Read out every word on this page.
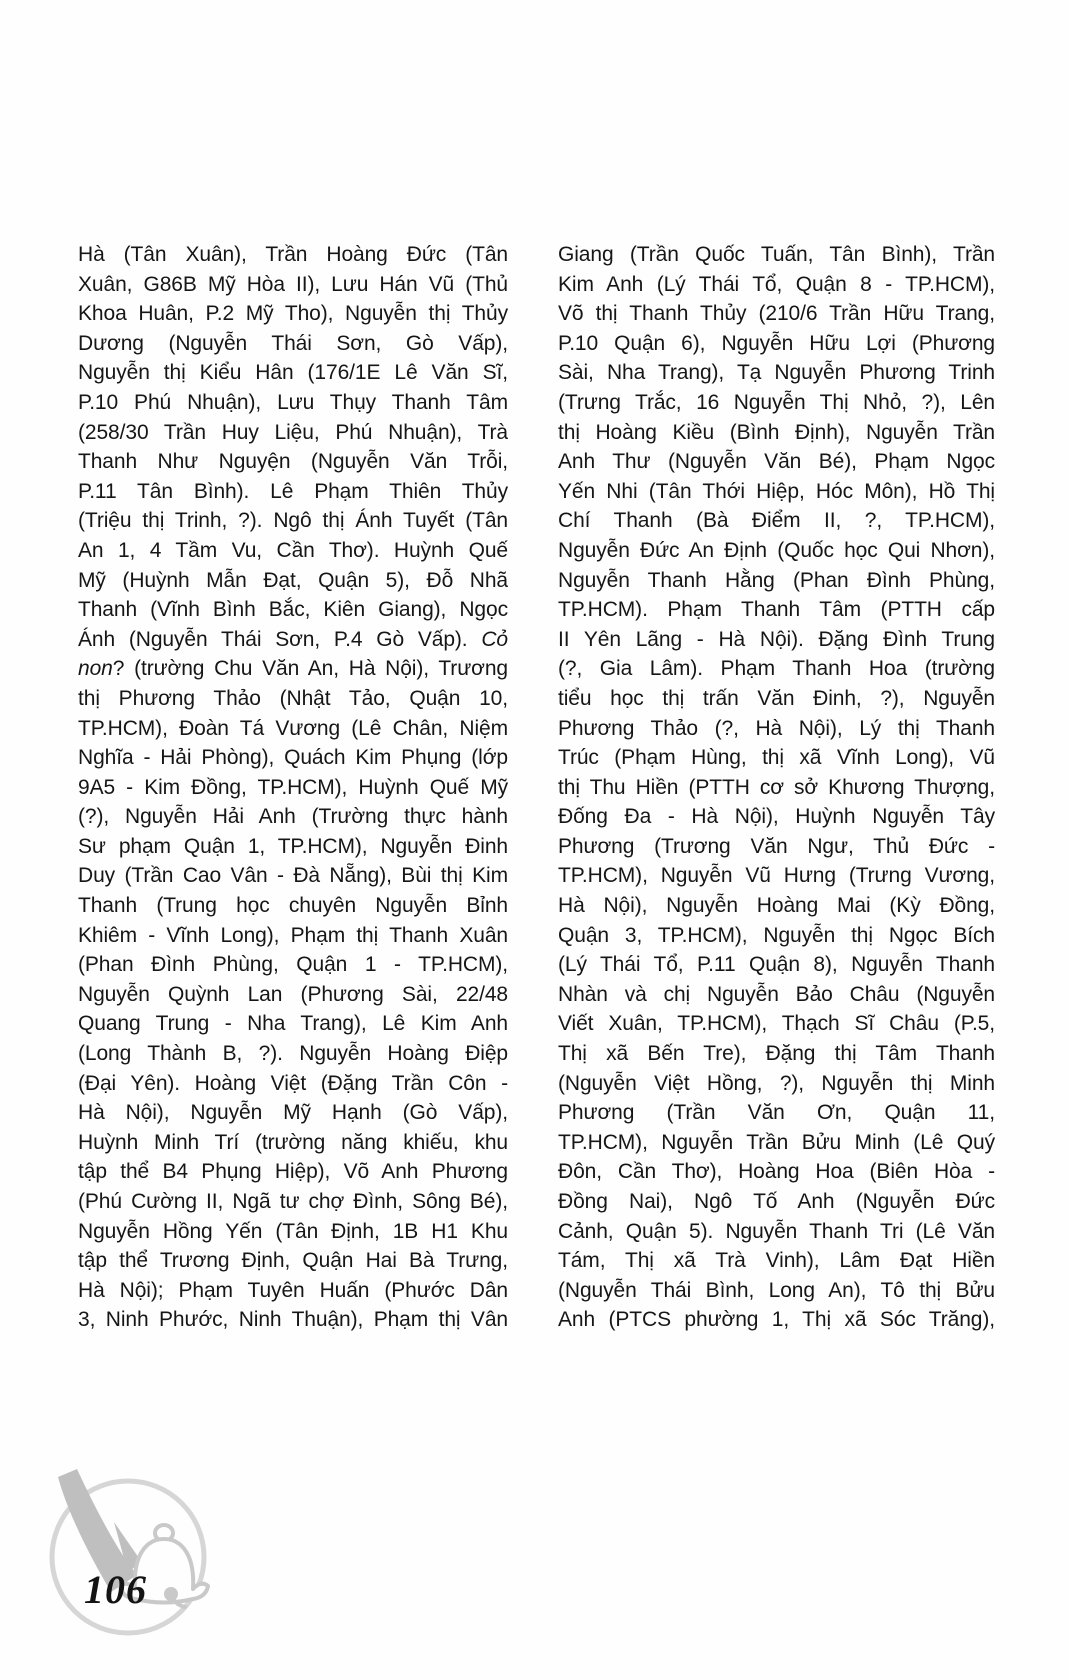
Hà (Tân Xuân), Trần Hoàng Đức (Tân
Xuân, G86B Mỹ Hòa II), Lưu Hán Vũ (Thủ
Khoa Huân, P.2 Mỹ Tho), Nguyễn thị Thủy
Dương (Nguyễn Thái Sơn, Gò Vấp),
Nguyễn thị Kiểu Hân (176/1E Lê Văn Sĩ,
P.10 Phú Nhuận), Lưu Thụy Thanh Tâm
(258/30 Trần Huy Liệu, Phú Nhuận), Trà
Thanh Như Nguyện (Nguyễn Văn Trỗi,
P.11 Tân Bình). Lê Phạm Thiên Thủy
(Triệu thị Trinh, ?). Ngô thị Ánh Tuyết (Tân
An 1, 4 Tầm Vu, Cần Thơ). Huỳnh Quế
Mỹ (Huỳnh Mẫn Đạt, Quận 5), Đỗ Nhã
Thanh (Vĩnh Bình Bắc, Kiên Giang), Ngọc
Ánh (Nguyễn Thái Sơn, P.4 Gò Vấp). Cỏ
non? (trường Chu Văn An, Hà Nội), Trương
thị Phương Thảo (Nhật Tảo, Quận 10,
TP.HCM), Đoàn Tá Vương (Lê Chân, Niệm
Nghĩa - Hải Phòng), Quách Kim Phụng (lớp
9A5 - Kim Đồng, TP.HCM), Huỳnh Quế Mỹ
(?), Nguyễn Hải Anh (Trường thực hành
Sư phạm Quận 1, TP.HCM), Nguyễn Đinh
Duy (Trần Cao Vân - Đà Nẵng), Bùi thị Kim
Thanh (Trung học chuyên Nguyễn Bỉnh
Khiêm - Vĩnh Long), Phạm thị Thanh Xuân
(Phan Đình Phùng, Quận 1 - TP.HCM),
Nguyễn Quỳnh Lan (Phương Sài, 22/48
Quang Trung - Nha Trang), Lê Kim Anh
(Long Thành B, ?). Nguyễn Hoàng Điệp
(Đại Yên). Hoàng Việt (Đặng Trần Côn -
Hà Nội), Nguyễn Mỹ Hạnh (Gò Vấp),
Huỳnh Minh Trí (trường năng khiếu, khu
tập thể B4 Phụng Hiệp), Võ Anh Phương
(Phú Cường II, Ngã tư chợ Đình, Sông Bé),
Nguyễn Hồng Yến (Tân Định, 1B H1 Khu
tập thể Trương Định, Quận Hai Bà Trưng,
Hà Nội); Phạm Tuyên Huấn (Phước Dân
3, Ninh Phước, Ninh Thuận), Phạm thị Vân
Giang (Trần Quốc Tuấn, Tân Bình), Trần
Kim Anh (Lý Thái Tổ, Quận 8 - TP.HCM),
Võ thị Thanh Thủy (210/6 Trần Hữu Trang,
P.10 Quận 6), Nguyễn Hữu Lợi (Phương
Sài, Nha Trang), Tạ Nguyễn Phương Trinh
(Trưng Trắc, 16 Nguyễn Thị Nhỏ, ?), Lên
thị Hoàng Kiều (Bình Định), Nguyễn Trần
Anh Thư (Nguyễn Văn Bé), Phạm Ngọc
Yến Nhi (Tân Thới Hiệp, Hóc Môn), Hồ Thị
Chí Thanh (Bà Điểm II, ?, TP.HCM),
Nguyễn Đức An Định (Quốc học Qui Nhơn),
Nguyễn Thanh Hằng (Phan Đình Phùng,
TP.HCM). Phạm Thanh Tâm (PTTH cấp
II Yên Lãng - Hà Nội). Đặng Đình Trung
(?, Gia Lâm). Phạm Thanh Hoa (trường
tiểu học thị trấn Văn Đinh, ?), Nguyễn
Phương Thảo (?, Hà Nội), Lý thị Thanh
Trúc (Phạm Hùng, thị xã Vĩnh Long), Vũ
thị Thu Hiền (PTTH cơ sở Khương Thượng,
Đống Đa - Hà Nội), Huỳnh Nguyễn Tây
Phương (Trương Văn Ngư, Thủ Đức -
TP.HCM), Nguyễn Vũ Hưng (Trưng Vương,
Hà Nội), Nguyễn Hoàng Mai (Kỳ Đồng,
Quận 3, TP.HCM), Nguyễn thị Ngọc Bích
(Lý Thái Tổ, P.11 Quận 8), Nguyễn Thanh
Nhàn và chị Nguyễn Bảo Châu (Nguyễn
Viết Xuân, TP.HCM), Thạch Sĩ Châu (P.5,
Thị xã Bến Tre), Đặng thị Tâm Thanh
(Nguyễn Việt Hồng, ?), Nguyễn thị Minh
Phương (Trần Văn Ơn, Quận 11,
TP.HCM), Nguyễn Trần Bửu Minh (Lê Quý
Đôn, Cần Thơ), Hoàng Hoa (Biên Hòa -
Đồng Nai), Ngô Tố Anh (Nguyễn Đức
Cảnh, Quận 5). Nguyễn Thanh Tri (Lê Văn
Tám, Thị xã Trà Vinh), Lâm Đạt Hiền
(Nguyễn Thái Bình, Long An), Tô thị Bửu
Anh (PTCS phường 1, Thị xã Sóc Trăng),
106
